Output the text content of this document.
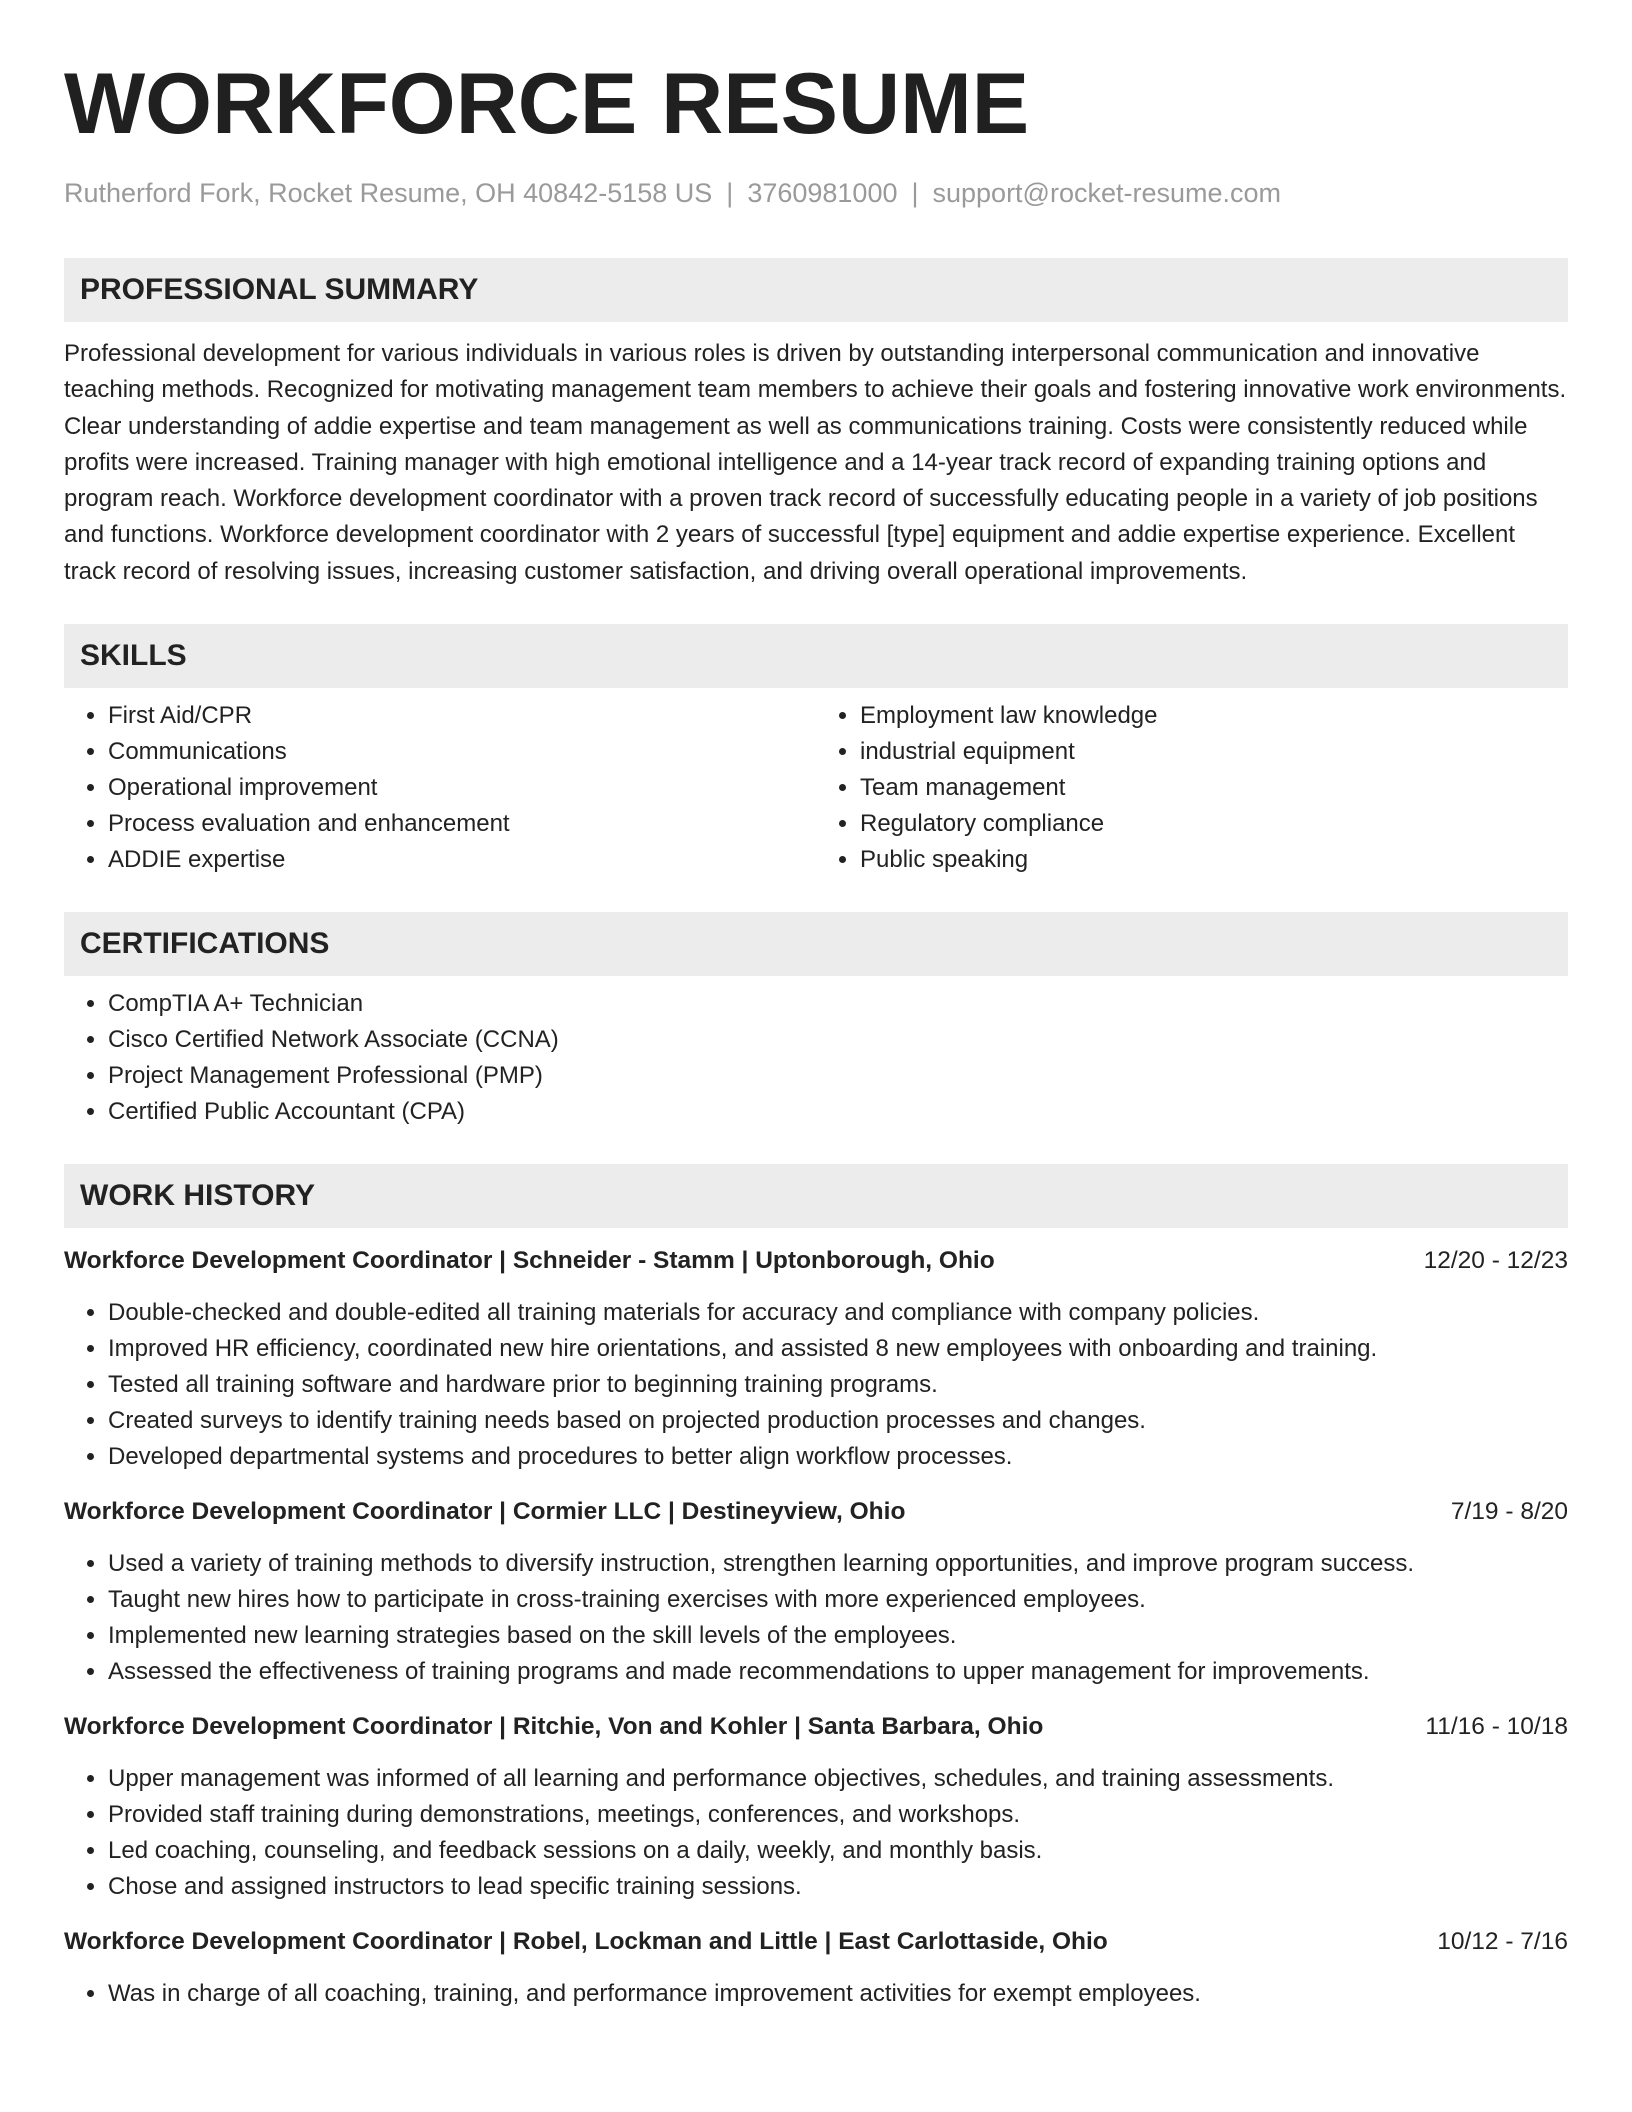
WORKFORCE RESUME
Rutherford Fork, Rocket Resume, OH 40842-5158 US | 3760981000 | support@rocket-resume.com
PROFESSIONAL SUMMARY
Professional development for various individuals in various roles is driven by outstanding interpersonal communication and innovative teaching methods. Recognized for motivating management team members to achieve their goals and fostering innovative work environments. Clear understanding of addie expertise and team management as well as communications training. Costs were consistently reduced while profits were increased. Training manager with high emotional intelligence and a 14-year track record of expanding training options and program reach. Workforce development coordinator with a proven track record of successfully educating people in a variety of job positions and functions. Workforce development coordinator with 2 years of successful [type] equipment and addie expertise experience. Excellent track record of resolving issues, increasing customer satisfaction, and driving overall operational improvements.
SKILLS
• First Aid/CPR
• Communications
• Operational improvement
• Process evaluation and enhancement
• ADDIE expertise
• Employment law knowledge
• industrial equipment
• Team management
• Regulatory compliance
• Public speaking
CERTIFICATIONS
• CompTIA A+ Technician
• Cisco Certified Network Associate (CCNA)
• Project Management Professional (PMP)
• Certified Public Accountant (CPA)
WORK HISTORY
Workforce Development Coordinator | Schneider - Stamm | Uptonborough, Ohio	12/20 - 12/23
• Double-checked and double-edited all training materials for accuracy and compliance with company policies.
• Improved HR efficiency, coordinated new hire orientations, and assisted 8 new employees with onboarding and training.
• Tested all training software and hardware prior to beginning training programs.
• Created surveys to identify training needs based on projected production processes and changes.
• Developed departmental systems and procedures to better align workflow processes.
Workforce Development Coordinator | Cormier LLC | Destineyview, Ohio	7/19 - 8/20
• Used a variety of training methods to diversify instruction, strengthen learning opportunities, and improve program success.
• Taught new hires how to participate in cross-training exercises with more experienced employees.
• Implemented new learning strategies based on the skill levels of the employees.
• Assessed the effectiveness of training programs and made recommendations to upper management for improvements.
Workforce Development Coordinator | Ritchie, Von and Kohler | Santa Barbara, Ohio	11/16 - 10/18
• Upper management was informed of all learning and performance objectives, schedules, and training assessments.
• Provided staff training during demonstrations, meetings, conferences, and workshops.
• Led coaching, counseling, and feedback sessions on a daily, weekly, and monthly basis.
• Chose and assigned instructors to lead specific training sessions.
Workforce Development Coordinator | Robel, Lockman and Little | East Carlottaside, Ohio	10/12 - 7/16
• Was in charge of all coaching, training, and performance improvement activities for exempt employees.
